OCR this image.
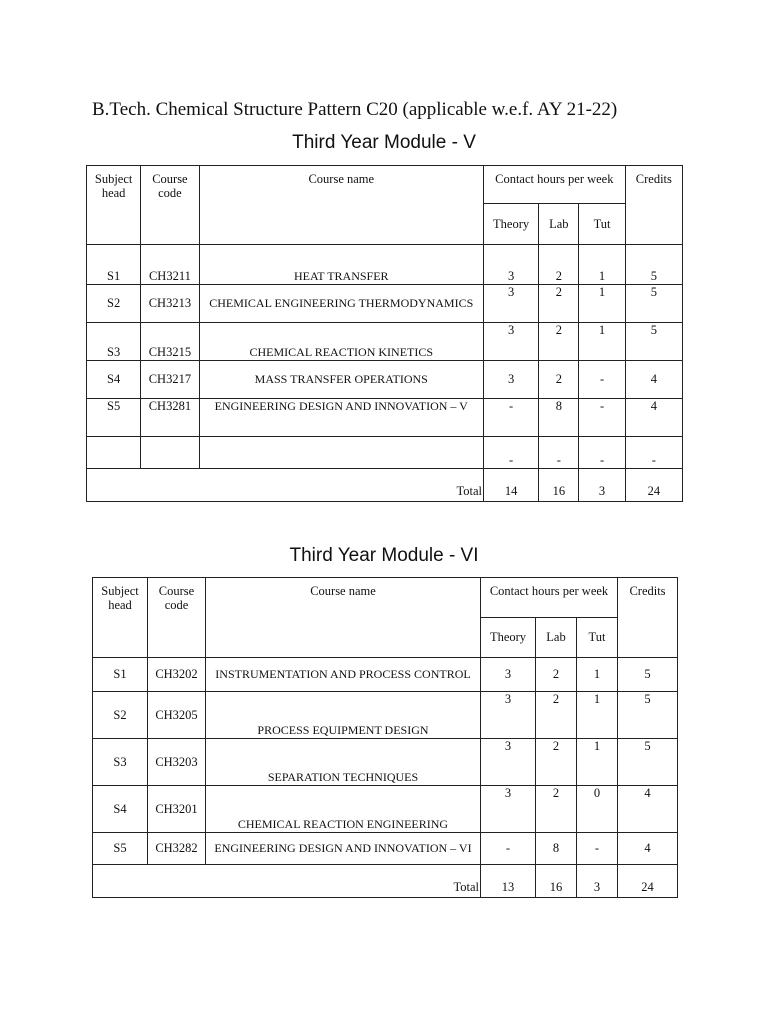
B.Tech. Chemical Structure Pattern C20 (applicable w.e.f. AY 21-22)
Third Year Module - V
Subject head	Course code	Course name	Contact hours per week			Credits
			Theory	Lab	Tut	
S1	CH3211	HEAT TRANSFER	3	2	1	5
S2	CH3213	CHEMICAL ENGINEERING THERMODYNAMICS	3	2	1	5
S3	CH3215	CHEMICAL REACTION KINETICS	3	2	1	5
S4	CH3217	MASS TRANSFER OPERATIONS	3	2	-	4
S5	CH3281	ENGINEERING DESIGN AND INNOVATION – V	-	8	-	4
			-	-	-	-
Total			14	16	3	24
Third Year Module - VI
Subject head	Course code	Course name	Contact hours per week			Credits
			Theory	Lab	Tut	
S1	CH3202	INSTRUMENTATION AND PROCESS CONTROL	3	2	1	5
S2	CH3205	PROCESS EQUIPMENT DESIGN	3	2	1	5
S3	CH3203	SEPARATION TECHNIQUES	3	2	1	5
S4	CH3201	CHEMICAL REACTION ENGINEERING	3	2	0	4
S5	CH3282	ENGINEERING DESIGN AND INNOVATION – VI	-	8	-	4
Total			13	16	3	24
